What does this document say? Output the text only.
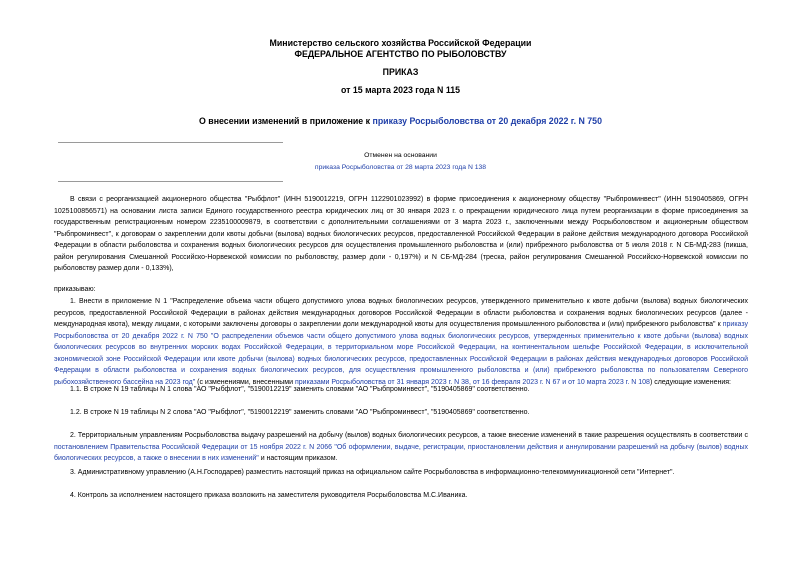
Министерство сельского хозяйства Российской Федерации
ФЕДЕРАЛЬНОЕ АГЕНТСТВО ПО РЫБОЛОВСТВУ
ПРИКАЗ
от 15 марта 2023 года N 115
О внесении изменений в приложение к приказу Росрыболовства от 20 декабря 2022 г. N 750
Отменен на основании
приказа Росрыболовства от 28 марта 2023 года N 138
В связи с реорганизацией акционерного общества "Рыбфлот" (ИНН 5190012219, ОГРН 1122901023992) в форме присоединения к акционерному обществу "Рыбпроминвест" (ИНН 5190405869, ОГРН 1025100856571) на основании листа записи Единого государственного реестра юридических лиц от 30 января 2023 г. о прекращении юридического лица путем реорганизации в форме присоединения за государственным регистрационным номером 2235100009879, в соответствии с дополнительными соглашениями от 3 марта 2023 г., заключенными между Росрыболовством и акционерным обществом "Рыбпроминвест", к договорам о закреплении доли квоты добычи (вылова) водных биологических ресурсов, предоставленной Российской Федерации в районе действия международного договора Российской Федерации в области рыболовства и сохранения водных биологических ресурсов для осуществления промышленного рыболовства и (или) прибрежного рыболовства от 5 июля 2018 г. N СБ-МД-283 (пикша, район регулирования Смешанной Российско-Норвежской комиссии по рыболовству, размер доли - 0,197%) и N СБ-МД-284 (треска, район регулирования Смешанной Российско-Норвежской комиссии по рыболовству размер доли - 0,133%),
приказываю:
1. Внести в приложение N 1 "Распределение объема части общего допустимого улова водных биологических ресурсов, утвержденного применительно к квоте добычи (вылова) водных биологических ресурсов, предоставленной Российской Федерации в районах действия международных договоров Российской Федерации в области рыболовства и сохранения водных биологических ресурсов (далее - международная квота), между лицами, с которыми заключены договоры о закреплении доли международной квоты для осуществления промышленного рыболовства и (или) прибрежного рыболовства" к приказу Росрыболовства от 20 декабря 2022 г. N 750 "О распределении объемов части общего допустимого улова водных биологических ресурсов, утвержденных применительно к квоте добычи (вылова) водных биологических ресурсов во внутренних морских водах Российской Федерации, в территориальном море Российской Федерации, на континентальном шельфе Российской Федерации, в исключительной экономической зоне Российской Федерации или квоте добычи (вылова) водных биологических ресурсов, предоставленных Российской Федерации в районах действия международных договоров Российской Федерации в области рыболовства и сохранения водных биологических ресурсов, для осуществления промышленного рыболовства и (или) прибрежного рыболовства по пользователям Северного рыбохозяйственного бассейна на 2023 год" (с изменениями, внесенными приказами Росрыболовства от 31 января 2023 г. N 38, от 16 февраля 2023 г. N 67 и от 10 марта 2023 г. N 108) следующие изменения:
1.1. В строке N 19 таблицы N 1 слова "АО "Рыбфлот", "5190012219" заменить словами "АО "Рыбпроминвест", "5190405869" соответственно.
1.2. В строке N 19 таблицы N 2 слова "АО "Рыбфлот", "5190012219" заменить словами "АО "Рыбпроминвест", "5190405869" соответственно.
2. Территориальным управлениям Росрыболовства выдачу разрешений на добычу (вылов) водных биологических ресурсов, а также внесение изменений в такие разрешения осуществлять в соответствии с постановлением Правительства Российской Федерации от 15 ноября 2022 г. N 2066 "Об оформлении, выдаче, регистрации, приостановлении действия и аннулировании разрешений на добычу (вылов) водных биологических ресурсов, а также о внесении в них изменений" и настоящим приказом.
3. Административному управлению (А.Н.Господарев) разместить настоящий приказ на официальном сайте Росрыболовства в информационно-телекоммуникационной сети "Интернет".
4. Контроль за исполнением настоящего приказа возложить на заместителя руководителя Росрыболовства М.С.Иваника.
